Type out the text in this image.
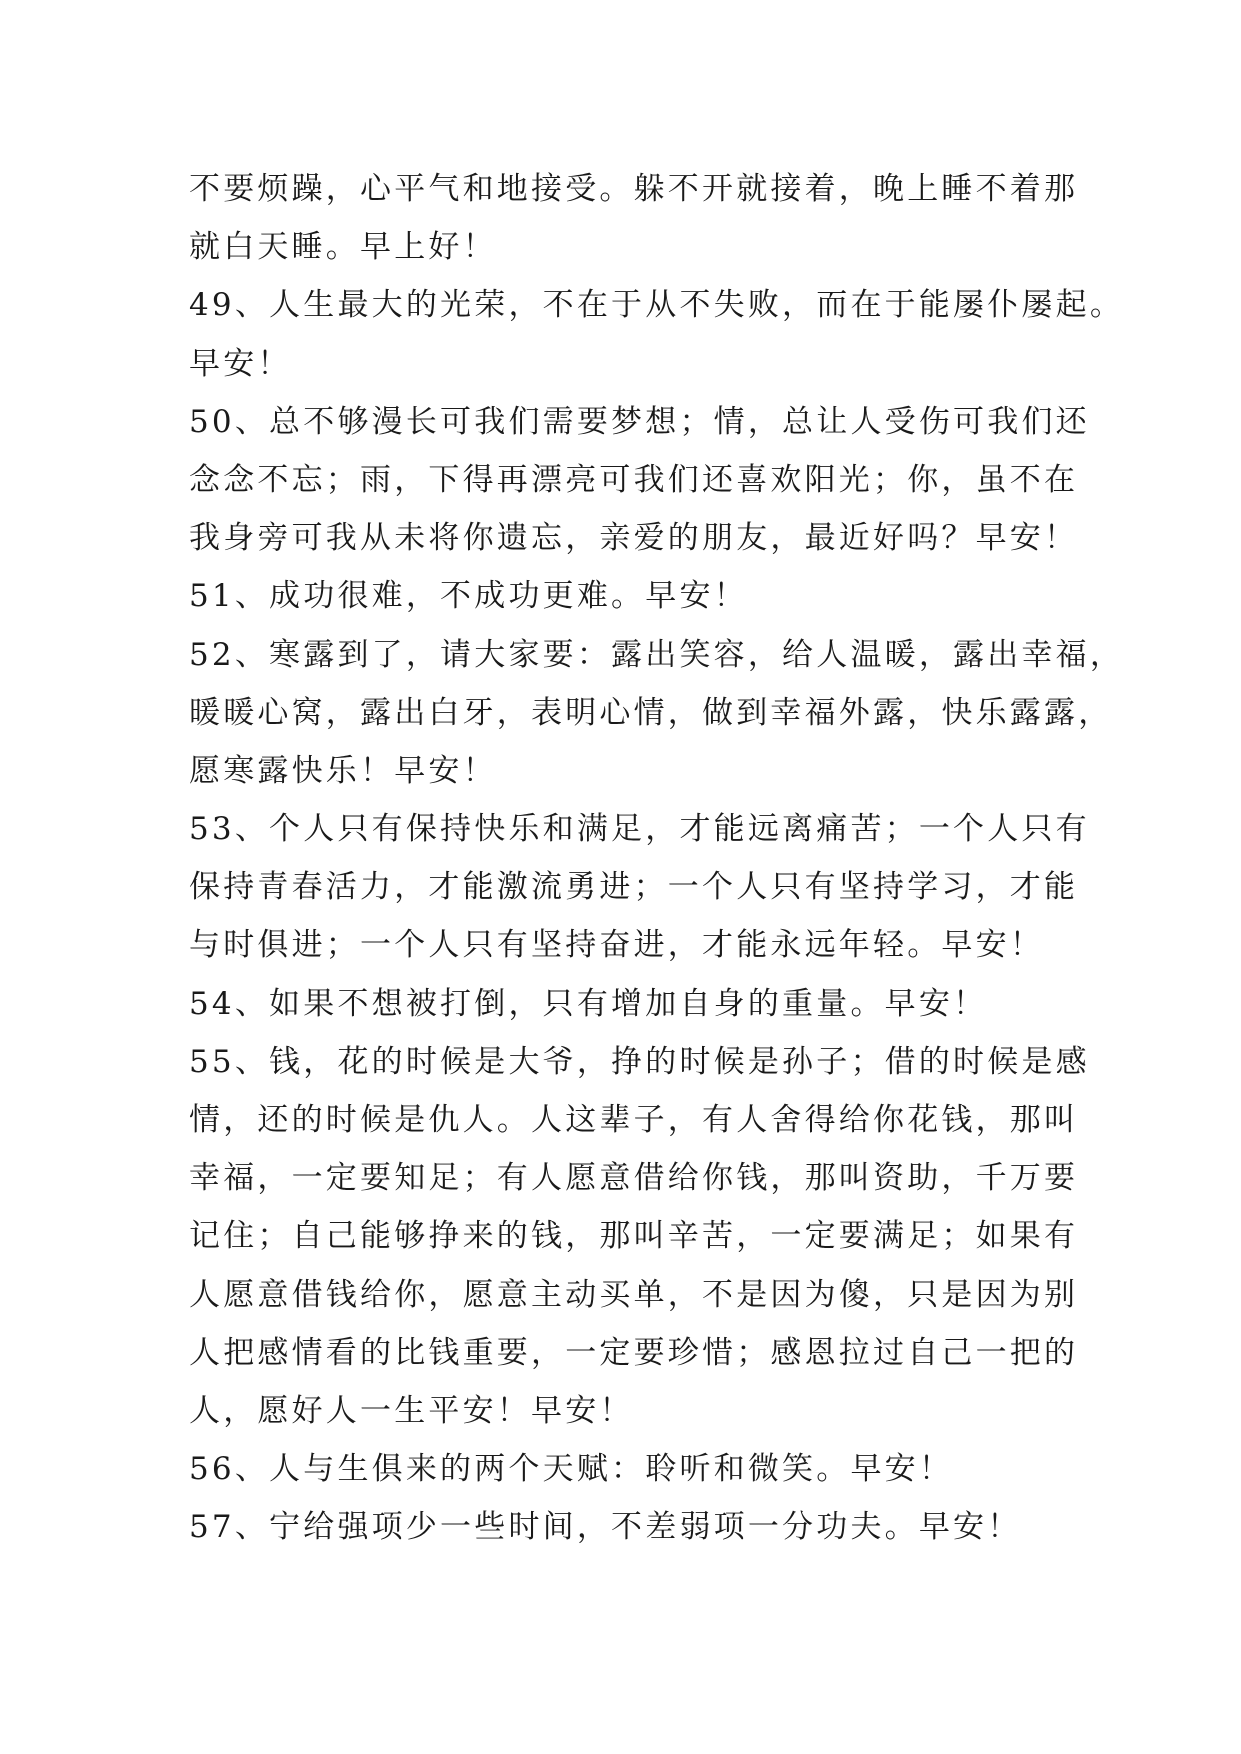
不要烦躁，心平气和地接受。躲不开就接着，晚上睡不着那
就白天睡。早上好！
49、人生最大的光荣，不在于从不失败，而在于能屡仆屡起。
早安！
50、总不够漫长可我们需要梦想；情，总让人受伤可我们还
念念不忘；雨，下得再漂亮可我们还喜欢阳光；你，虽不在
我身旁可我从未将你遗忘，亲爱的朋友，最近好吗？早安！
51、成功很难，不成功更难。早安！
52、寒露到了，请大家要：露出笑容，给人温暖，露出幸福，
暖暖心窝，露出白牙，表明心情，做到幸福外露，快乐露露，
愿寒露快乐！早安！
53、个人只有保持快乐和满足，才能远离痛苦；一个人只有
保持青春活力，才能激流勇进；一个人只有坚持学习，才能
与时俱进；一个人只有坚持奋进，才能永远年轻。早安！
54、如果不想被打倒，只有增加自身的重量。早安！
55、钱，花的时候是大爷，挣的时候是孙子；借的时候是感
情，还的时候是仇人。人这辈子，有人舍得给你花钱，那叫
幸福，一定要知足；有人愿意借给你钱，那叫资助，千万要
记住；自己能够挣来的钱，那叫辛苦，一定要满足；如果有
人愿意借钱给你，愿意主动买单，不是因为傻，只是因为别
人把感情看的比钱重要，一定要珍惜；感恩拉过自己一把的
人，愿好人一生平安！早安！
56、人与生俱来的两个天赋：聆听和微笑。早安！
57、宁给强项少一些时间，不差弱项一分功夫。早安！
